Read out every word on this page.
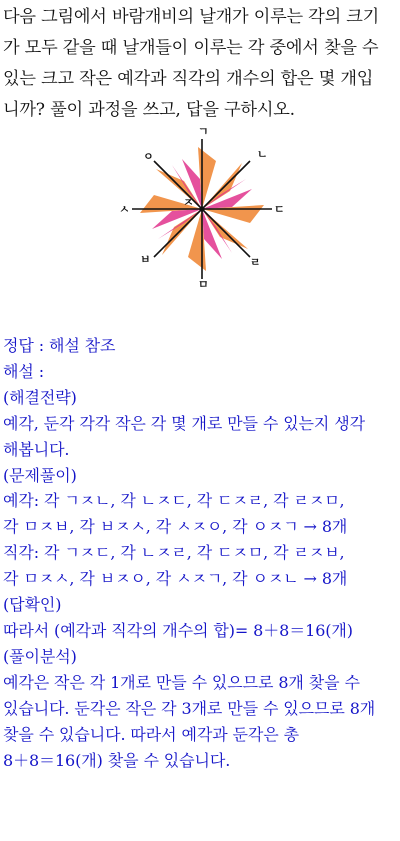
다음 그림에서 바람개비의 날개가 이루는 각의 크기
가 모두 같을 때 날개들이 이루는 각 중에서 찾을 수
있는 크고 작은 예각과 직각의 개수의 합은 몇 개입
니까? 풀이 과정을 쓰고, 답을 구하시오.
ㄱ
ㄴ
ㄷ
ㄹ
ㅁ
ㅂ
ㅅ
ㅇ
ㅈ
정답 : 해설 참조
해설 :
(해결전략)
예각, 둔각 각각 작은 각 몇 개로 만들 수 있는지 생각
해봅니다.
(문제풀이)
예각: 각 ㄱㅈㄴ, 각 ㄴㅈㄷ, 각 ㄷㅈㄹ, 각 ㄹㅈㅁ,
각 ㅁㅈㅂ, 각 ㅂㅈㅅ, 각 ㅅㅈㅇ, 각 ㅇㅈㄱ → 8개
직각: 각 ㄱㅈㄷ, 각 ㄴㅈㄹ, 각 ㄷㅈㅁ, 각 ㄹㅈㅂ,
각 ㅁㅈㅅ, 각 ㅂㅈㅇ, 각 ㅅㅈㄱ, 각 ㅇㅈㄴ → 8개
(답확인)
따라서 (예각과 직각의 개수의 합)= 8＋8＝16(개)
(풀이분석)
예각은 작은 각 1개로 만들 수 있으므로 8개 찾을 수
있습니다. 둔각은 작은 각 3개로 만들 수 있으므로 8개
찾을 수 있습니다. 따라서 예각과 둔각은 총
8＋8＝16(개) 찾을 수 있습니다.
